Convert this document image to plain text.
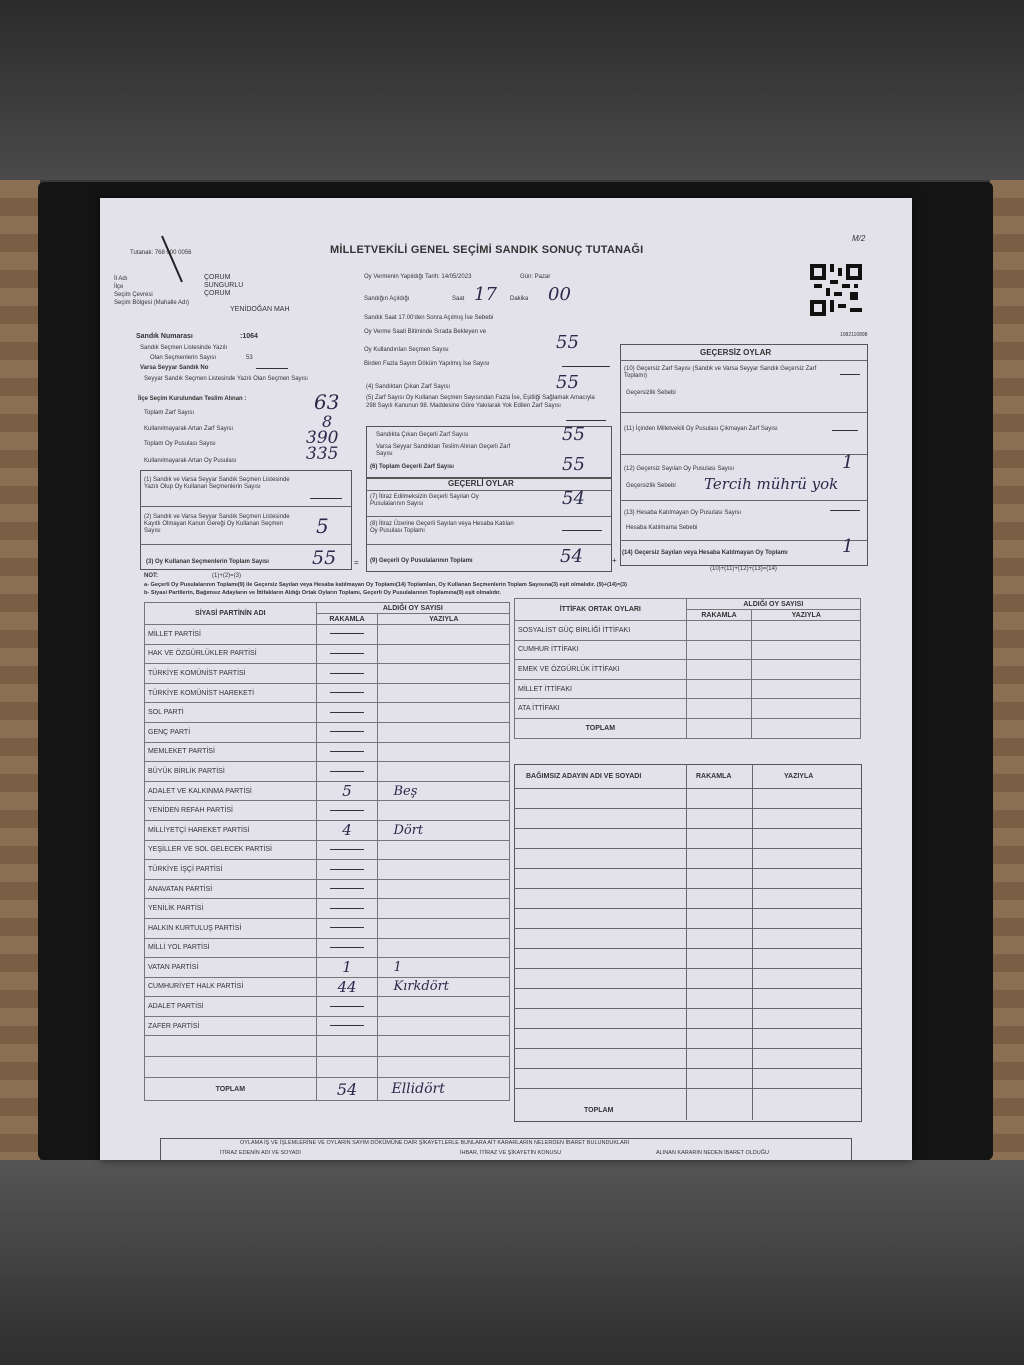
Tutanak: 768 000 0056	MİLLETVEKİLİ GENEL SEÇİMİ SANDIK SONUÇ TUTANAĞI
M/2
İl Adı
İlçe
Seçim Çevresi
Seçim Bölgesi (Mahalle Adı)
ÇORUM
SUNGURLU
ÇORUM
YENİDOĞAN MAH
Oy Vermenin Yapıldığı Tarih: 14/05/2023	Gün: Pazar
Sandığın Açıldığı	Saat 17 Dakika 00
Sandık Saat 17.00'den Sonra Açılmış İse Sebebi
Oy Verme Saati Bitiminde Sırada Bekleyen ve
Oy Kullandırılan Seçmen Sayısı	55
Birden Fazla Sayım Döküm Yapılmış İse Sayısı
1082110898
Sandık Numarası	:1064
Sandık Seçmen Listesinde Yazılı
Olan Seçmenlerin Sayısı	53
Varsa Seyyar Sandık No
Seyyar Sandık Seçmen Listesinde Yazılı Olan Seçmen Sayısı
İlçe Seçim Kurulundan Teslim Alınan :
Toplam Zarf Sayısı	63
Kullanılmayarak Artan Zarf Sayısı	8
Toplam Oy Pusulası Sayısı	390
Kullanılmayarak Artan Oy Pusulası	335
(1) Sandık ve Varsa Seyyar Sandık Seçmen Listesinde Yazılı Olup Oy Kullanan Seçmenlerin Sayısı
(2) Sandık ve Varsa Seyyar Sandık Seçmen Listesinde Kayıtlı Olmayan Kanun Gereği Oy Kullanan Seçmen Sayısı	5
(3) Oy Kullanan Seçmenlerin Toplam Sayısı 55 =
NOT:	(1)+(2)=(3)
(4) Sandıktan Çıkan Zarf Sayısı	55
(5) Zarf Sayısı Oy Kullanan Seçmen Sayısından Fazla İse, Eşitliği Sağlamak Amacıyla 298 Sayılı Kanunun 98. Maddesine Göre Yakılarak Yok Edilen Zarf Sayısı
Sandıkta Çıkan Geçerli Zarf Sayısı	55
Varsa Seyyar Sandıktan Teslim Alınan Geçerli Zarf Sayısı
(6) Toplam Geçerli Zarf Sayısı	55
GEÇERLİ OYLAR
(7) İtiraz Edilmeksizin Geçerli Sayılan Oy Pusulalarının Sayısı	54
(8) İtiraz Üzerine Geçerli Sayılan veya Hesaba Katılan Oy Pusulası Toplamı
(9) Geçerli Oy Pusulalarının Toplamı	54	+
GEÇERSİZ OYLAR
(10) Geçersiz Zarf Sayısı (Sandık ve Varsa Seyyar Sandık Geçersiz Zarf Toplamı)
Geçersizlik Sebebi
(11) İçinden Milletvekili Oy Pusulası Çıkmayan Zarf Sayısı
(12) Geçersiz Sayılan Oy Pusulası Sayısı	1
Geçersizlik Sebebi Tercih mührü yok
(13) Hesaba Katılmayan Oy Pusulası Sayısı
Hesaba Katılmama Sebebi
(14) Geçersiz Sayılan veya Hesaba Katılmayan Oy Toplamı	1
(10)+(11)+(12)+(13)=(14)
a- Geçerli Oy Pusulalarının Toplamı(9) ile Geçersiz Sayılan veya Hesaba katılmayan Oy Toplamı(14) Toplamları, Oy Kullanan Seçmenlerin Toplam Sayısına(3) eşit olmalıdır. (9)+(14)=(3)
b- Siyasi Partilerin, Bağımsız Adayların ve İttifakların Aldığı Ortak Oyların Toplamı, Geçerli Oy Pusulalarının Toplamına(9) eşit olmalıdır.
SİYASİ PARTİNİN ADI	ALDIĞI OY SAYISI	
	RAKAMLA	YAZIYLA
MİLLET PARTİSİ		
HAK VE ÖZGÜRLÜKLER PARTİSİ		
TÜRKİYE KOMÜNİST PARTİSİ		
TÜRKİYE KOMÜNİST HAREKETİ		
SOL PARTİ		
GENÇ PARTİ		
MEMLEKET PARTİSİ		
BÜYÜK BİRLİK PARTİSİ		
ADALET VE KALKINMA PARTİSİ	5	Beş
YENİDEN REFAH PARTİSİ		
MİLLİYETÇİ HAREKET PARTİSİ	4	Dört
YEŞİLLER VE SOL GELECEK PARTİSİ		
TÜRKİYE İŞÇİ PARTİSİ		
ANAVATAN PARTİSİ		
YENİLİK PARTİSİ		
HALKIN KURTULUŞ PARTİSİ		
MİLLİ YOL PARTİSİ		
VATAN PARTİSİ	1	1
CUMHURİYET HALK PARTİSİ	44	Kırkdört
ADALET PARTİSİ		
ZAFER PARTİSİ		

TOPLAM	54	Ellidört
İTTİFAK ORTAK OYLARI	ALDIĞI OY SAYISI	
	RAKAMLA	YAZIYLA
SOSYALİST GÜÇ BİRLİĞİ İTTİFAKI		
CUMHUR İTTİFAKI		
EMEK VE ÖZGÜRLÜK İTTİFAKI		
MİLLET İTTİFAKI		
ATA İTTİFAKI		
TOPLAM		
BAĞIMSIZ ADAYIN ADI VE SOYADI	RAKAMLA	YAZIYLA
TOPLAM
OYLAMA İŞ VE İŞLEMLERİNE VE OYLARIN SAYIM DÖKÜMÜNE DAİR ŞİKAYETLERLE BUNLARA AİT KARARLARIN NELERDEN İBARET BULUNDUKLARI
İTİRAZ EDENİN ADI VE SOYADI	İHBAR, İTİRAZ VE ŞİKAYETİN KONUSU	ALINAN KARARIN NEDEN İBARET OLDUĞU
